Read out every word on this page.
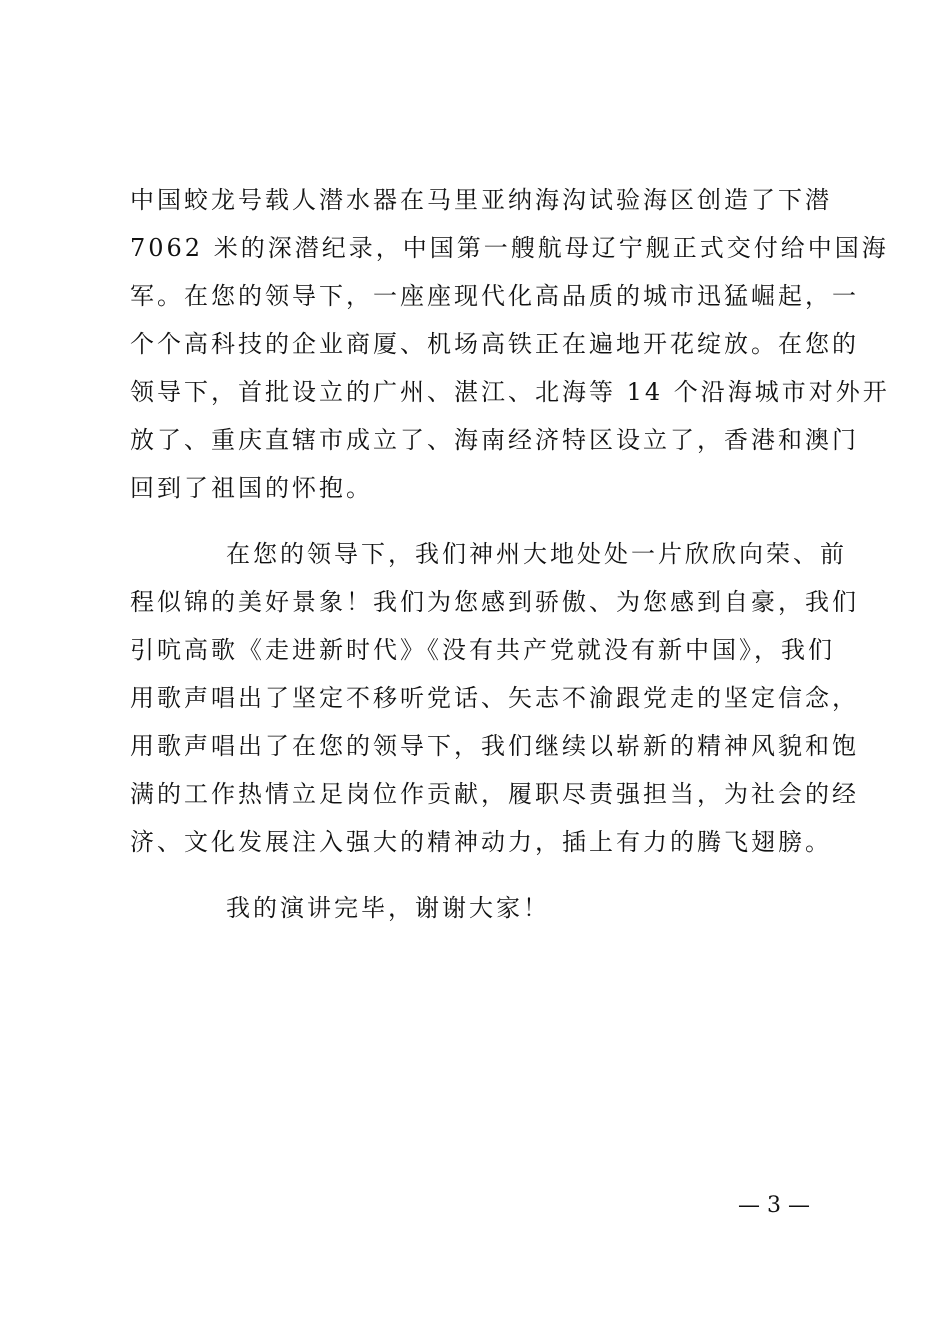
中国蛟龙号载人潜水器在马里亚纳海沟试验海区创造了下潜
7062 米的深潜纪录，中国第一艘航母辽宁舰正式交付给中国海
军。在您的领导下，一座座现代化高品质的城市迅猛崛起，一
个个高科技的企业商厦、机场高铁正在遍地开花绽放。在您的
领导下，首批设立的广州、湛江、北海等 14 个沿海城市对外开
放了、重庆直辖市成立了、海南经济特区设立了，香港和澳门
回到了祖国的怀抱。
在您的领导下，我们神州大地处处一片欣欣向荣、前
程似锦的美好景象！我们为您感到骄傲、为您感到自豪，我们
引吭高歌《走进新时代》《没有共产党就没有新中国》，我们
用歌声唱出了坚定不移听党话、矢志不渝跟党走的坚定信念，
用歌声唱出了在您的领导下，我们继续以崭新的精神风貌和饱
满的工作热情立足岗位作贡献，履职尽责强担当，为社会的经
济、文化发展注入强大的精神动力，插上有力的腾飞翅膀。
我的演讲完毕，谢谢大家！
— 3 —
